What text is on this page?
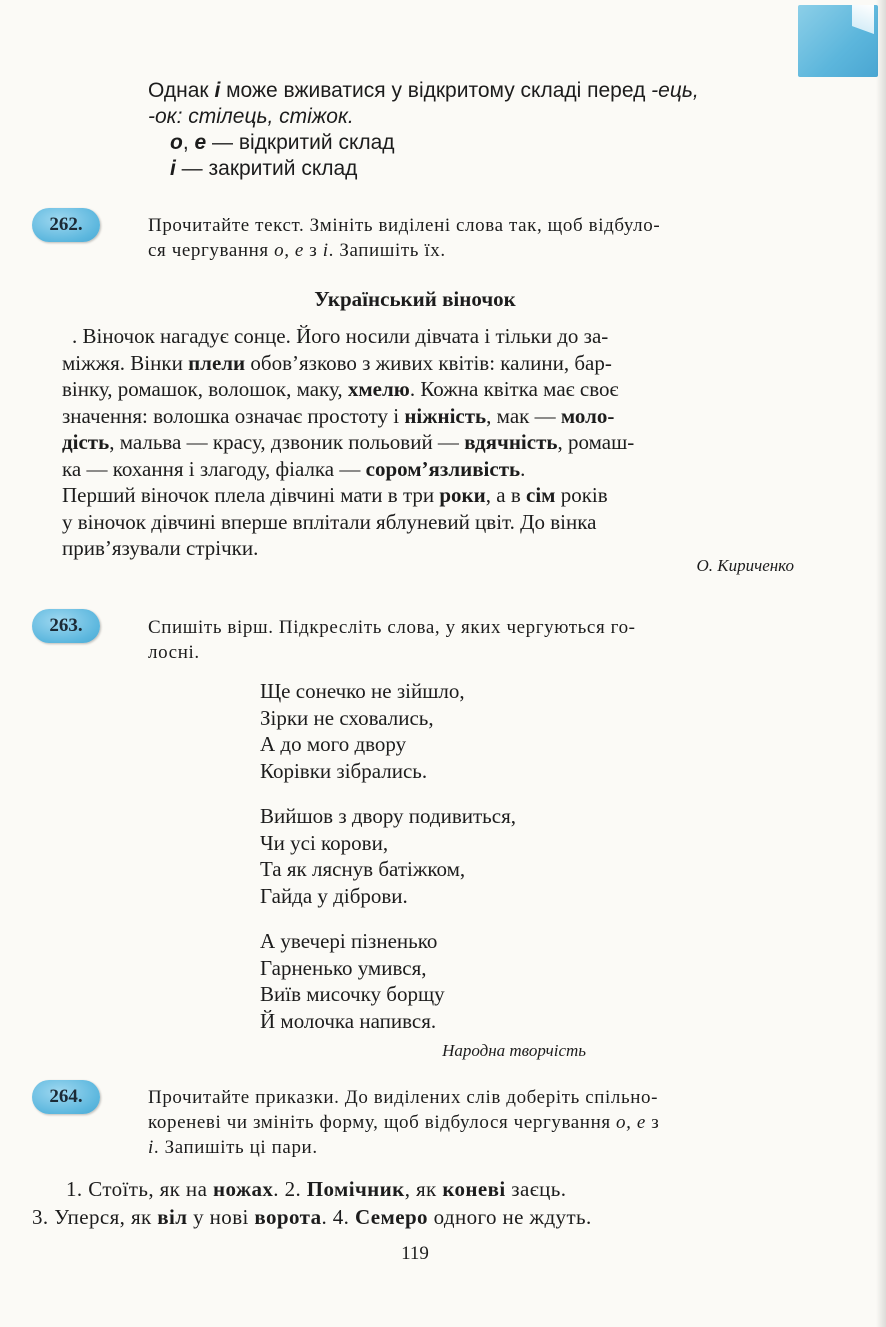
Однак і може вживатися у відкритому складі перед -ець,
-ок: стілець, стіжок.
о, е — відкритий склад
і — закритий склад
262.	Прочитайте текст. Змініть виділені слова так, щоб відбуло-
ся чергування о, е з і. Запишіть їх.
Український віночок

. Віночок нагадує сонце. Його носили дівчата і тільки до за-
міжжя. Вінки плели обов’язково з живих квітів: калини, бар-
вінку, ромашок, волошок, маку, хмелю. Кожна квітка має своє
значення: волошка означає простоту і ніжність, мак — моло-
дість, мальва — красу, дзвоник польовий — вдячність, ромаш-
ка — кохання і злагоду, фіалка — сором’язливість.

Перший віночок плела дівчині мати в три роки, а в сім років
у віночок дівчині вперше вплітали яблуневий цвіт. До вінка
прив’язували стрічки.

О. Кириченко
263.	Спишіть вірш. Підкресліть слова, у яких чергуються го-
лосні.
Ще сонечко не зійшло,
Зірки не сховались,
А до мого двору
Корівки зібрались.
Вийшов з двору подивиться,
Чи усі корови,
Та як ляснув батіжком,
Гайда у діброви.
А увечері пізненько
Гарненько умився,
Виїв мисочку борщу
Й молочка напився.
Народна творчість
264.	Прочитайте приказки. До виділених слів доберіть спільно-
кореневі чи змініть форму, щоб відбулося чергування о, е з
і. Запишіть ці пари.
1. Стоїть, як на ножах. 2. Помічник, як коневі заєць.
3. Уперся, як віл у нові ворота. 4. Семеро одного не ждуть.
119
